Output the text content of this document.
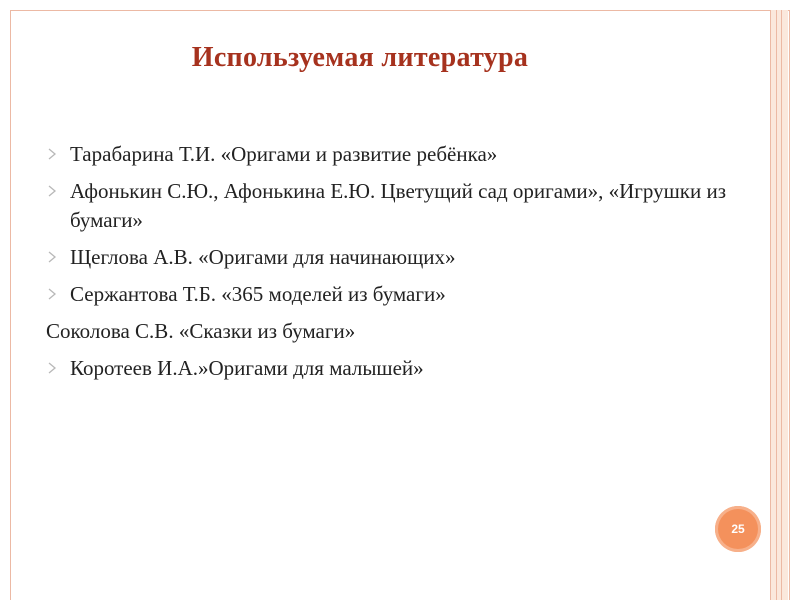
Используемая литература
Тарабарина Т.И. «Оригами и развитие ребёнка»
Афонькин С.Ю., Афонькина Е.Ю. Цветущий сад оригами», «Игрушки из бумаги»
Щеглова А.В. «Оригами для начинающих»
Сержантова Т.Б. «365 моделей из бумаги»
Соколова С.В. «Сказки из бумаги»
Коротеев И.А.»Оригами для малышей»
25
